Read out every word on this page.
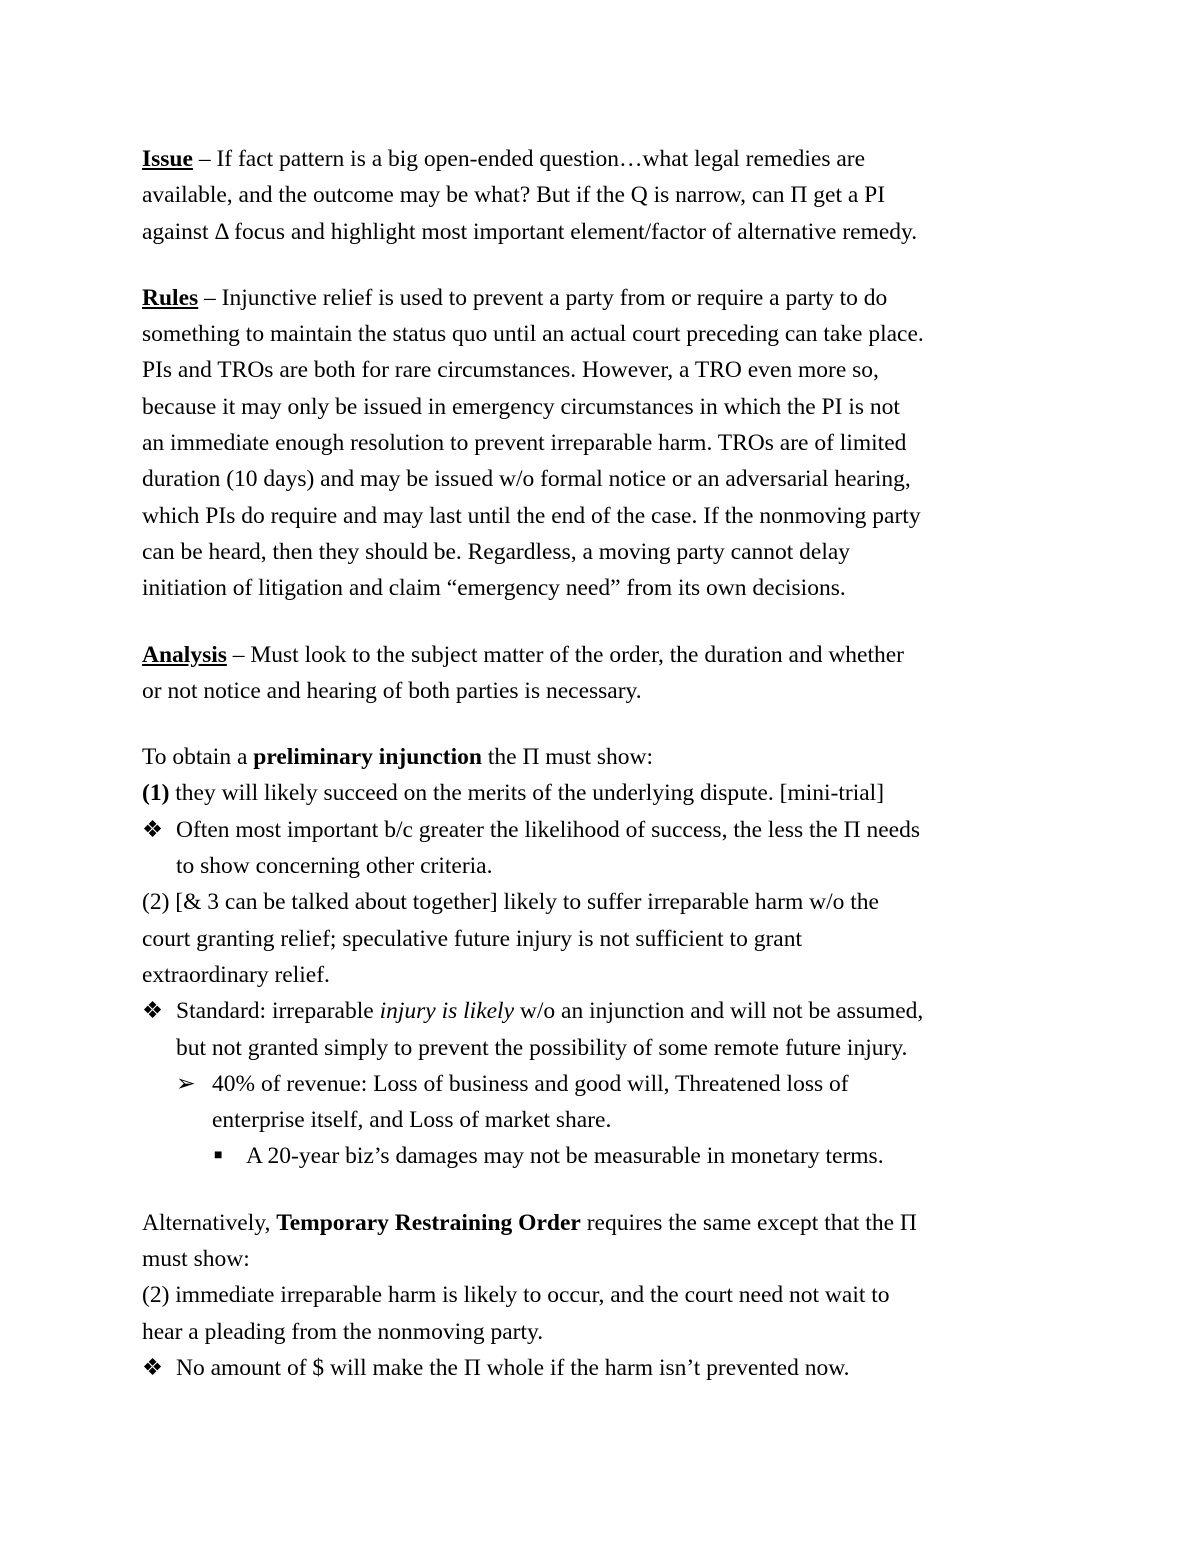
Issue – If fact pattern is a big open-ended question…what legal remedies are
available, and the outcome may be what? But if the Q is narrow, can Π get a PI
against Δ focus and highlight most important element/factor of alternative remedy.
Rules – Injunctive relief is used to prevent a party from or require a party to do
something to maintain the status quo until an actual court preceding can take place.
PIs and TROs are both for rare circumstances. However, a TRO even more so,
because it may only be issued in emergency circumstances in which the PI is not
an immediate enough resolution to prevent irreparable harm. TROs are of limited
duration (10 days) and may be issued w/o formal notice or an adversarial hearing,
which PIs do require and may last until the end of the case. If the nonmoving party
can be heard, then they should be. Regardless, a moving party cannot delay
initiation of litigation and claim “emergency need” from its own decisions.
Analysis – Must look to the subject matter of the order, the duration and whether
or not notice and hearing of both parties is necessary.
To obtain a preliminary injunction the Π must show:
(1) they will likely succeed on the merits of the underlying dispute. [mini-trial]
❖ Often most important b/c greater the likelihood of success, the less the Π needs
to show concerning other criteria.
(2) [& 3 can be talked about together] likely to suffer irreparable harm w/o the
court granting relief; speculative future injury is not sufficient to grant
extraordinary relief.
❖ Standard: irreparable injury is likely w/o an injunction and will not be assumed,
but not granted simply to prevent the possibility of some remote future injury.
➢ 40% of revenue: Loss of business and good will, Threatened loss of
enterprise itself, and Loss of market share.
■ A 20-year biz’s damages may not be measurable in monetary terms.
Alternatively, Temporary Restraining Order requires the same except that the Π
must show:
(2) immediate irreparable harm is likely to occur, and the court need not wait to
hear a pleading from the nonmoving party.
❖ No amount of $ will make the Π whole if the harm isn’t prevented now.
